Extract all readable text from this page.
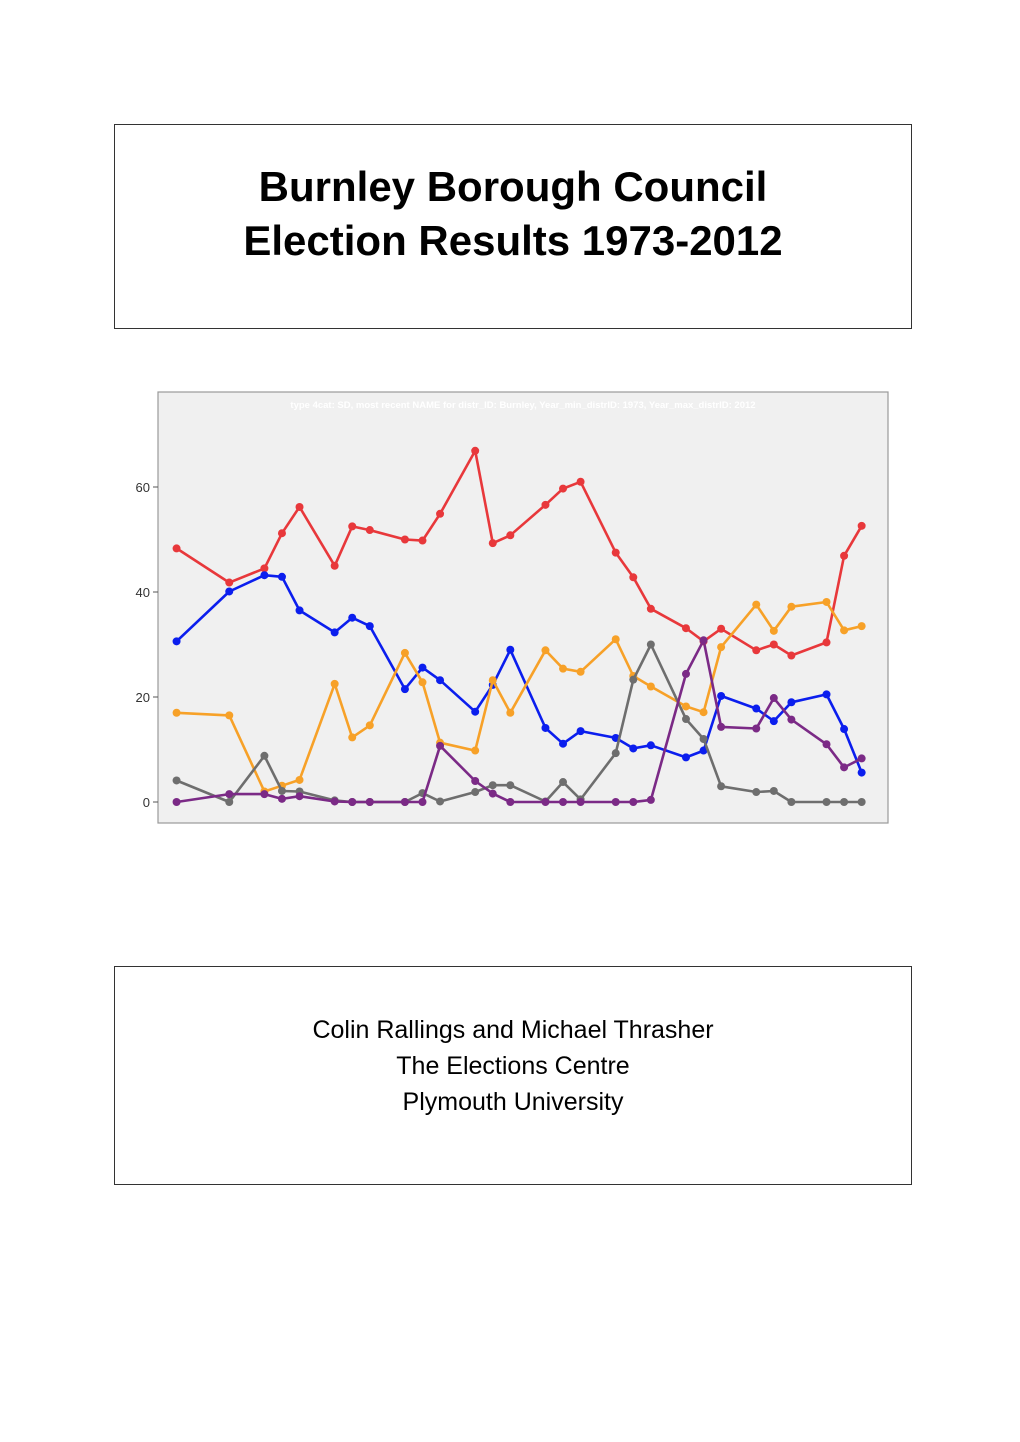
Burnley Borough Council
Election Results 1973-2012
type 4cat: SD, most recent NAME for distr_ID: Burnley, Year_min_distrID: 1973, Year_max_distrID: 2012
0
20
40
60
Colin Rallings and Michael Thrasher
The Elections Centre
Plymouth University
